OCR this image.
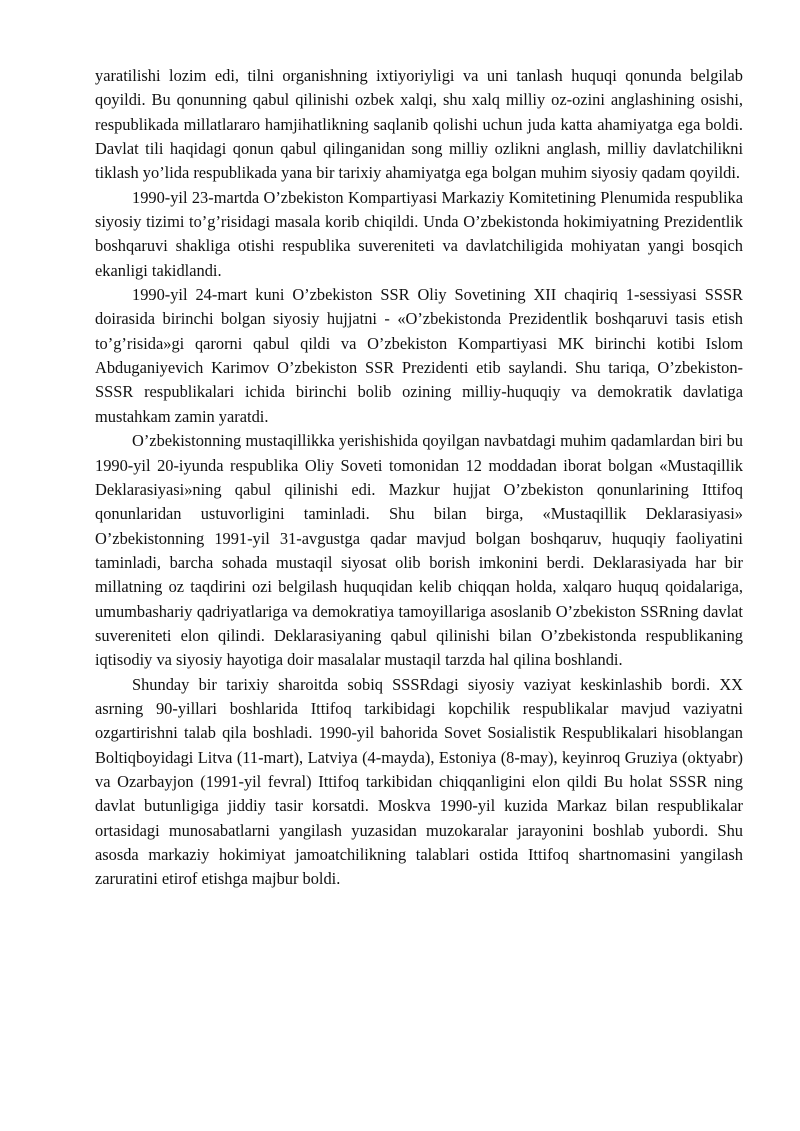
yaratilishi lozim edi, tilni organishning ixtiyoriyligi va uni tanlash huquqi qonunda belgilab qoyildi. Bu qonunning qabul qilinishi ozbek xalqi, shu xalq milliy oz-ozini anglashining osishi, respublikada millatlararo hamjihatlikning saqlanib qolishi uchun juda katta ahamiyatga ega boldi. Davlat tili haqidagi qonun qabul qilinganidan song milliy ozlikni anglash, milliy davlatchilikni tiklash yo’lida respublikada yana bir tarixiy ahamiyatga ega bolgan muhim siyosiy qadam qoyildi.

1990-yil 23-martda O’zbekiston Kompartiyasi Markaziy Komitetining Plenumida respublika siyosiy tizimi to’g’risidagi masala korib chiqildi. Unda O’zbekistonda hokimiyatning Prezidentlik boshqaruvi shakliga otishi respublika suvereniteti va davlatchiligida mohiyatan yangi bosqich ekanligi takidlandi.

1990-yil 24-mart kuni O’zbekiston SSR Oliy Sovetining XII chaqiriq 1-sessiyasi SSSR doirasida birinchi bolgan siyosiy hujjatni - «O’zbekistonda Prezidentlik boshqaruvi tasis etish to’g’risida»gi qarorni qabul qildi va O’zbekiston Kompartiyasi MK birinchi kotibi Islom Abduganiyevich Karimov O’zbekiston SSR Prezidenti etib saylandi. Shu tariqa, O’zbekiston-SSSR respublikalari ichida birinchi bolib ozining milliy-huquqiy va demokratik davlatiga mustahkam zamin yaratdi.

O’zbekistonning mustaqillikka yerishishida qoyilgan navbatdagi muhim qadamlardan biri bu 1990-yil 20-iyunda respublika Oliy Soveti tomonidan 12 moddadan iborat bolgan «Mustaqillik Deklarasiyasi»ning qabul qilinishi edi. Mazkur hujjat O’zbekiston qonunlarining Ittifoq qonunlaridan ustuvorligini taminladi. Shu bilan birga, «Mustaqillik Deklarasiyasi» O’zbekistonning 1991-yil 31-avgustga qadar mavjud bolgan boshqaruv, huquqiy faoliyatini taminladi, barcha sohada mustaqil siyosat olib borish imkonini berdi. Deklarasiyada har bir millatning oz taqdirini ozi belgilash huquqidan kelib chiqqan holda, xalqaro huquq qoidalariga, umumbashariy qadriyatlariga va demokratiya tamoyillariga asoslanib O’zbekiston SSRning davlat suvereniteti elon qilindi. Deklarasiyaning qabul qilinishi bilan O’zbekistonda respublikaning iqtisodiy va siyosiy hayotiga doir masalalar mustaqil tarzda hal qilina boshlandi.

Shunday bir tarixiy sharoitda sobiq SSSRdagi siyosiy vaziyat keskinlashib bordi. XX asrning 90-yillari boshlarida Ittifoq tarkibidagi kopchilik respublikalar mavjud vaziyatni ozgartirishni talab qila boshladi. 1990-yil bahorida Sovet Sosialistik Respublikalari hisoblangan Boltiqboyidagi Litva (11-mart), Latviya (4-mayda), Estoniya (8-may), keyinroq Gruziya (oktyabr) va Ozarbayjon (1991-yil fevral) Ittifoq tarkibidan chiqqanligini elon qildi Bu holat SSSR ning davlat butunligiga jiddiy tasir korsatdi. Moskva 1990-yil kuzida Markaz bilan respublikalar ortasidagi munosabatlarni yangilash yuzasidan muzokaralar jarayonini boshlab yubordi. Shu asosda markaziy hokimiyat jamoatchilikning talablari ostida Ittifoq shartnomasini yangilash zaruratini etirof etishga majbur boldi.
